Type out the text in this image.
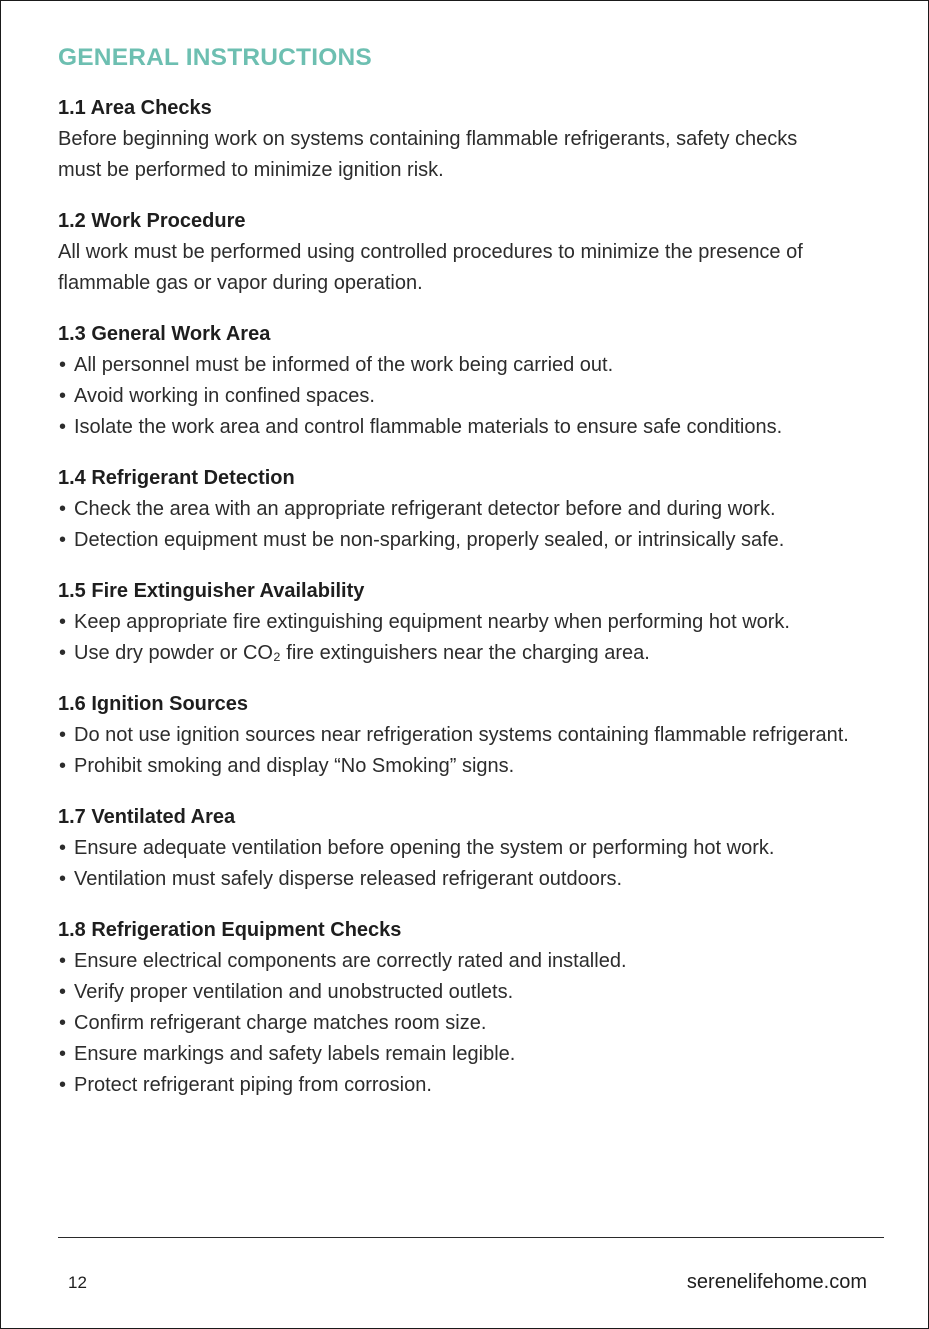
GENERAL INSTRUCTIONS
1.1 Area Checks

Before beginning work on systems containing flammable refrigerants, safety checks must be performed to minimize ignition risk.

1.2 Work Procedure

All work must be performed using controlled procedures to minimize the presence of flammable gas or vapor during operation.

1.3 General Work Area
• All personnel must be informed of the work being carried out.
• Avoid working in confined spaces.
• Isolate the work area and control flammable materials to ensure safe conditions.
1.4 Refrigerant Detection
• Check the area with an appropriate refrigerant detector before and during work.
• Detection equipment must be non-sparking, properly sealed, or intrinsically safe.
1.5 Fire Extinguisher Availability
• Keep appropriate fire extinguishing equipment nearby when performing hot work.
• Use dry powder or CO₂ fire extinguishers near the charging area.
1.6 Ignition Sources
• Do not use ignition sources near refrigeration systems containing flammable refrigerant.
• Prohibit smoking and display “No Smoking” signs.
1.7 Ventilated Area
• Ensure adequate ventilation before opening the system or performing hot work.
• Ventilation must safely disperse released refrigerant outdoors.
1.8 Refrigeration Equipment Checks
• Ensure electrical components are correctly rated and installed.
• Verify proper ventilation and unobstructed outlets.
• Confirm refrigerant charge matches room size.
• Ensure markings and safety labels remain legible.
• Protect refrigerant piping from corrosion.
12	serenelifehome.com
